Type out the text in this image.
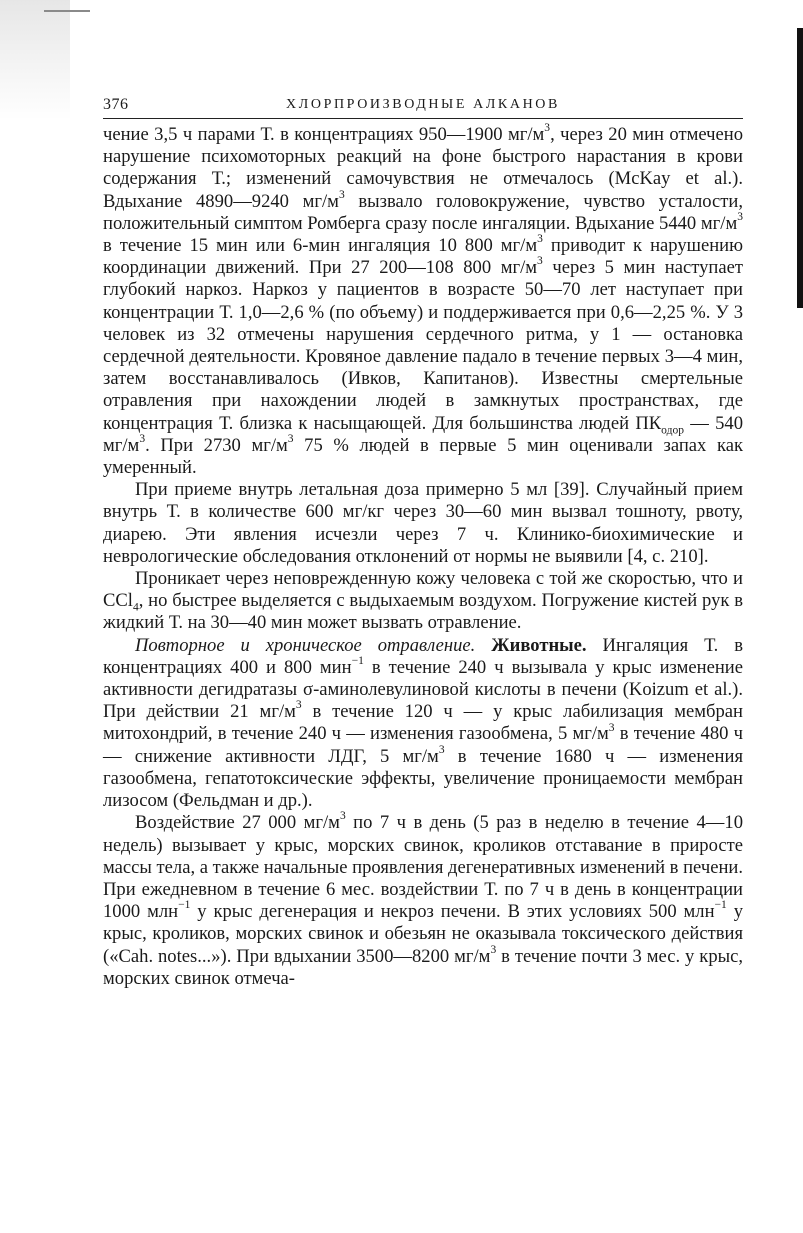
376	ХЛОРПРОИЗВОДНЫЕ АЛКАНОВ

чение 3,5 ч парами Т. в концентрациях 950—1900 $мг/м^3$, через 20 мин отмечено нарушение психомоторных реакций на фоне быстрого нарастания в крови содержания Т.; изменений самочувствия не отмечалось (McKay et al.). Вдыхание 4890—9240 $мг/м^3$ вызвало головокружение, чувство усталости, положительный симптом Ромберга сразу после ингаляции. Вдыхание 5440 $мг/м^3$ в течение 15 мин или 6-мин ингаляция 10 800 $мг/м^3$ приводит к нарушению координации движений. При 27 200—108 800 $мг/м^3$ через 5 мин наступает глубокий наркоз. Наркоз у пациентов в возрасте 50—70 лет наступает при концентрации Т. 1,0—2,6 % (по объему) и поддерживается при 0,6—2,25 %. У 3 человек из 32 отмечены нарушения сердечного ритма, у 1 — остановка сердечной деятельности. Кровяное давление падало в течение первых 3—4 мин, затем восстанавливалось (Ивков, Капитанов). Известны смертельные отравления при нахождении людей в замкнутых пространствах, где концентрация Т. близка к насыщающей. Для большинства людей $ПК_{одор}$ — 540 $мг/м^3$. При 2730 $мг/м^3$ 75 % людей в первые 5 мин оценивали запах как умеренный.

При приеме внутрь летальная доза примерно 5 мл [39]. Случайный прием внутрь Т. в количестве 600 мг/кг через 30—60 мин вызвал тошноту, рвоту, диарею. Эти явления исчезли через 7 ч. Клинико-биохимические и неврологические обследования отклонений от нормы не выявили [4, с. 210].

Проникает через неповрежденную кожу человека с той же скоростью, что и CCl$_4$, но быстрее выделяется с выдыхаемым воздухом. Погружение кистей рук в жидкий Т. на 30—40 мин может вызвать отравление.

Повторное и хроническое отравление. Животные. Ингаляция Т. в концентрациях 400 и 800 мин$^{-1}$ в течение 240 ч вызывала у крыс изменение активности дегидратазы σ-аминолевулиновой кислоты в печени (Koizum et al.). При действии 21 $мг/м^3$ в течение 120 ч — у крыс лабилизация мембран митохондрий, в течение 240 ч — изменения газообмена, 5 $мг/м^3$ в течение 480 ч — снижение активности ЛДГ, 5 $мг/м^3$ в течение 1680 ч — изменения газообмена, гепатотоксические эффекты, увеличение проницаемости мембран лизосом (Фельдман и др.).

Воздействие 27 000 $мг/м^3$ по 7 ч в день (5 раз в неделю в течение 4—10 недель) вызывает у крыс, морских свинок, кроликов отставание в приросте массы тела, а также начальные проявления дегенеративных изменений в печени. При ежедневном в течение 6 мес. воздействии Т. по 7 ч в день в концентрации 1000 млн$^{-1}$ у крыс дегенерация и некроз печени. В этих условиях 500 млн$^{-1}$ у крыс, кроликов, морских свинок и обезьян не оказывала токсического действия («Cah. notes...»). При вдыхании 3500—8200 $мг/м^3$ в течение почти 3 мес. у крыс, морских свинок отмеча-
